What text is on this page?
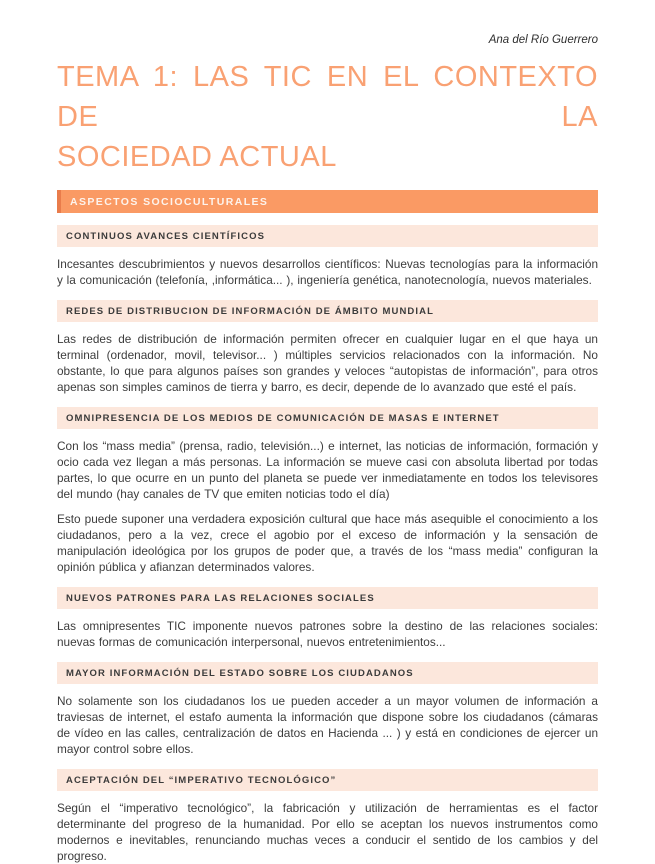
Ana del Río Guerrero
TEMA 1: LAS TIC EN EL CONTEXTO DE LA
SOCIEDAD ACTUAL
ASPECTOS SOCIOCULTURALES
CONTINUOS AVANCES CIENTÍFICOS

Incesantes descubrimientos y nuevos desarrollos científicos: Nuevas tecnologías para la información y la comunicación (telefonía, ,informática... ), ingeniería genética, nanotecnología, nuevos materiales.

REDES DE DISTRIBUCION DE INFORMACIÓN DE ÁMBITO MUNDIAL

Las redes de distribución de información permiten ofrecer en cualquier lugar en el que haya un terminal (ordenador, movil, televisor... ) múltiples servicios relacionados con la información. No obstante, lo que para algunos países son grandes y veloces “autopistas de información”, para otros apenas son simples caminos de tierra y barro, es decir, depende de lo avanzado que esté el país.

OMNIPRESENCIA DE LOS MEDIOS DE COMUNICACIÓN DE MASAS E INTERNET

Con los “mass media” (prensa, radio, televisión...) e internet, las noticias de información, formación y ocio cada vez llegan a más personas. La información se mueve casi con absoluta libertad por todas partes, lo que ocurre en un punto del planeta se puede ver inmediatamente en todos los televisores del mundo (hay canales de TV que emiten noticias todo el día)

Esto puede suponer una verdadera exposición cultural que hace más asequible el conocimiento a los ciudadanos, pero a la vez, crece el agobio por el exceso de información y la sensación de manipulación ideológica por los grupos de poder que, a través de los “mass media” configuran la opinión pública y afianzan determinados valores.

NUEVOS PATRONES PARA LAS RELACIONES SOCIALES

Las omnipresentes TIC imponente nuevos patrones sobre la destino de las relaciones sociales: nuevas formas de comunicación interpersonal, nuevos entretenimientos...

MAYOR INFORMACIÓN DEL ESTADO SOBRE LOS CIUDADANOS

No solamente son los ciudadanos los ue pueden acceder a un mayor volumen de información a traviesas de internet, el estafo aumenta la información que dispone sobre los ciudadanos (cámaras de vídeo en las calles, centralización de datos en Hacienda ... ) y está en condiciones de ejercer un mayor control sobre ellos.

ACEPTACIÓN DEL “IMPERATIVO TECNOLÓGICO”

Según el “imperativo tecnológico”, la fabricación y utilización de herramientas es el factor determinante del progreso de la humanidad. Por ello se aceptan los nuevos instrumentos como modernos e inevitables, renunciando muchas veces a conducir el sentido de los cambios y del progreso.
